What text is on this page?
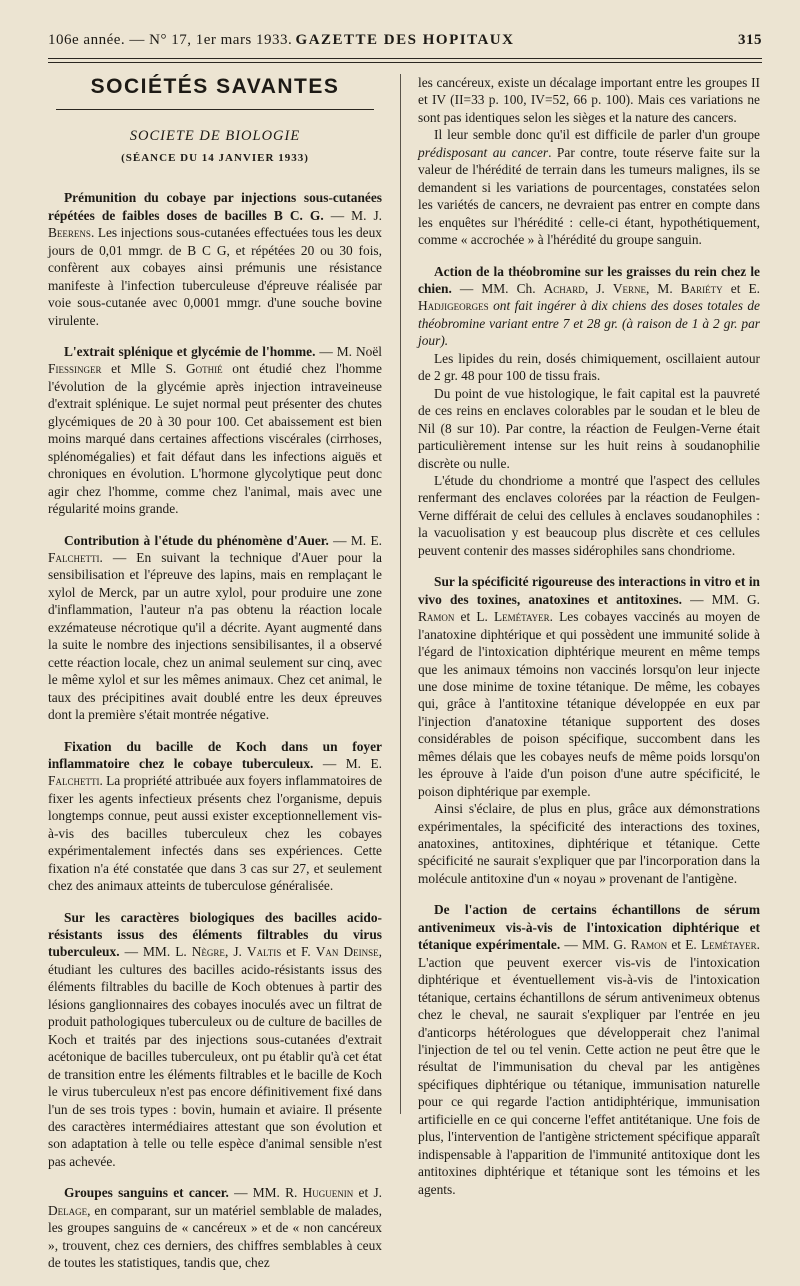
106e année. — N° 17, 1er mars 1933. GAZETTE DES HOPITAUX	315
SOCIÉTÉS SAVANTES
SOCIETE DE BIOLOGIE
(SÉANCE DU 14 JANVIER 1933)

Prémunition du cobaye par injections sous-cutanées répétées de faibles doses de bacilles B C. G. — M. J. Beerens. Les injections sous-cutanées effectuées tous les deux jours de 0,01 mmgr. de B C G, et répétées 20 ou 30 fois, confèrent aux cobayes ainsi prémunis une résistance manifeste à l'infection tuberculeuse d'épreuve réalisée par voie sous-cutanée avec 0,0001 mmgr. d'une souche bovine virulente.

L'extrait splénique et glycémie de l'homme. — M. Noël Fiessinger et Mlle S. Gothié ont étudié chez l'homme l'évolution de la glycémie après injection intraveineuse d'extrait splénique. Le sujet normal peut présenter des chutes glycémiques de 20 à 30 pour 100. Cet abaissement est bien moins marqué dans certaines affections viscérales (cirrhoses, splénomégalies) et fait défaut dans les infections aiguës et chroniques en évolution. L'hormone glycolytique peut donc agir chez l'homme, comme chez l'animal, mais avec une régularité moins grande.

Contribution à l'étude du phénomène d'Auer. — M. E. Falchetti. — En suivant la technique d'Auer pour la sensibilisation et l'épreuve des lapins, mais en remplaçant le xylol de Merck, par un autre xylol, pour produire une zone d'inflammation, l'auteur n'a pas obtenu la réaction locale exzémateuse nécrotique qu'il a décrite. Ayant augmenté dans la suite le nombre des injections sensibilisantes, il a observé cette réaction locale, chez un animal seulement sur cinq, avec le même xylol et sur les mêmes animaux. Chez cet animal, le taux des précipitines avait doublé entre les deux épreuves dont la première s'était montrée négative.

Fixation du bacille de Koch dans un foyer inflammatoire chez le cobaye tuberculeux. — M. E. Falchetti. La propriété attribuée aux foyers inflammatoires de fixer les agents infectieux présents chez l'organisme, depuis longtemps connue, peut aussi exister exceptionnellement vis-à-vis des bacilles tuberculeux chez les cobayes expérimentalement infectés dans ses expériences. Cette fixation n'a été constatée que dans 3 cas sur 27, et seulement chez des animaux atteints de tuberculose généralisée.

Sur les caractères biologiques des bacilles acido-résistants issus des éléments filtrables du virus tuberculeux. — MM. L. Nègre, J. Valtis et F. Van Deinse, étudiant les cultures des bacilles acido-résistants issus des éléments filtrables du bacille de Koch obtenues à partir des lésions ganglionnaires des cobayes inoculés avec un filtrat de produit pathologiques tuberculeux ou de culture de bacilles de Koch et traités par des injections sous-cutanées d'extrait acétonique de bacilles tuberculeux, ont pu établir qu'à cet état de transition entre les éléments filtrables et le bacille de Koch le virus tuberculeux n'est pas encore définitivement fixé dans l'un de ses trois types : bovin, humain et aviaire. Il présente des caractères intermédiaires attestant que son évolution et son adaptation à telle ou telle espèce d'animal sensible n'est pas achevée.

Groupes sanguins et cancer. — MM. R. Huguenin et J. Delage, en comparant, sur un matériel semblable de malades, les groupes sanguins de « cancéreux » et de « non cancéreux », trouvent, chez ces derniers, des chiffres semblables à ceux de toutes les statistiques, tandis que, chez

les cancéreux, existe un décalage important entre les groupes II et IV (II=33 p. 100, IV=52, 66 p. 100). Mais ces variations ne sont pas identiques selon les sièges et la nature des cancers.

Il leur semble donc qu'il est difficile de parler d'un groupe prédisposant au cancer. Par contre, toute réserve faite sur la valeur de l'hérédité de terrain dans les tumeurs malignes, ils se demandent si les variations de pourcentages, constatées selon les variétés de cancers, ne devraient pas entrer en compte dans les enquêtes sur l'hérédité : celle-ci étant, hypothétiquement, comme « accrochée » à l'hérédité du groupe sanguin.

Action de la théobromine sur les graisses du rein chez le chien. — MM. Ch. Achard, J. Verne, M. Bariéty et E. Hadjigeorges ont fait ingérer à dix chiens des doses totales de théobromine variant entre 7 et 28 gr. (à raison de 1 à 2 gr. par jour).

Les lipides du rein, dosés chimiquement, oscillaient autour de 2 gr. 48 pour 100 de tissu frais.

Du point de vue histologique, le fait capital est la pauvreté de ces reins en enclaves colorables par le soudan et le bleu de Nil (8 sur 10). Par contre, la réaction de Feulgen-Verne était particulièrement intense sur les huit reins à soudanophilie discrète ou nulle.

L'étude du chondriome a montré que l'aspect des cellules renfermant des enclaves colorées par la réaction de Feulgen-Verne différait de celui des cellules à enclaves soudanophiles : la vacuolisation y est beaucoup plus discrète et ces cellules peuvent contenir des masses sidérophiles sans chondriome.

Sur la spécificité rigoureuse des interactions in vitro et in vivo des toxines, anatoxines et antitoxines. — MM. G. Ramon et L. Lemétayer. Les cobayes vaccinés au moyen de l'anatoxine diphtérique et qui possèdent une immunité solide à l'égard de l'intoxication diphtérique meurent en même temps que les animaux témoins non vaccinés lorsqu'on leur injecte une dose minime de toxine tétanique. De même, les cobayes qui, grâce à l'antitoxine tétanique développée en eux par l'injection d'anatoxine tétanique supportent des doses considérables de poison spécifique, succombent dans les mêmes délais que les cobayes neufs de même poids lorsqu'on les éprouve à l'aide d'un poison d'une autre spécificité, le poison diphtérique par exemple.

Ainsi s'éclaire, de plus en plus, grâce aux démonstrations expérimentales, la spécificité des interactions des toxines, anatoxines, antitoxines, diphtérique et tétanique. Cette spécificité ne saurait s'expliquer que par l'incorporation dans la molécule antitoxine d'un « noyau » provenant de l'antigène.

De l'action de certains échantillons de sérum antivenimeux vis-à-vis de l'intoxication diphtérique et tétanique expérimentale. — MM. G. Ramon et E. Lemétayer. L'action que peuvent exercer vis-vis de l'intoxication diphtérique et éventuellement vis-à-vis de l'intoxication tétanique, certains échantillons de sérum antivenimeux obtenus chez le cheval, ne saurait s'expliquer par l'entrée en jeu d'anticorps hétérologues que développerait chez l'animal l'injection de tel ou tel venin. Cette action ne peut être que le résultat de l'immunisation du cheval par les antigènes spécifiques diphtérique ou tétanique, immunisation naturelle pour ce qui regarde l'action antidiphtérique, immunisation artificielle en ce qui concerne l'effet antitétanique. Une fois de plus, l'intervention de l'antigène strictement spécifique apparaît indispensable à l'apparition de l'immunité antitoxique dont les antitoxines diphtérique et tétanique sont les témoins et les agents.
